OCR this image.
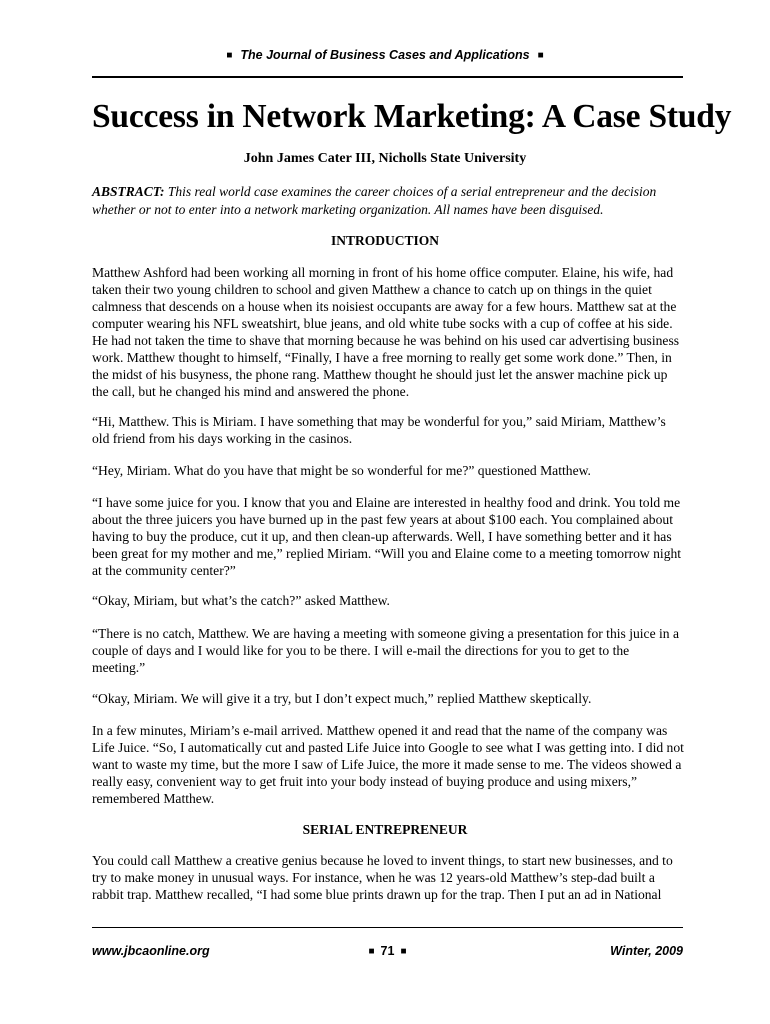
■ The Journal of Business Cases and Applications ■
Success in Network Marketing: A Case Study
John James Cater III, Nicholls State University
ABSTRACT: This real world case examines the career choices of a serial entrepreneur and the decision whether or not to enter into a network marketing organization. All names have been disguised.
INTRODUCTION
Matthew Ashford had been working all morning in front of his home office computer. Elaine, his wife, had taken their two young children to school and given Matthew a chance to catch up on things in the quiet calmness that descends on a house when its noisiest occupants are away for a few hours. Matthew sat at the computer wearing his NFL sweatshirt, blue jeans, and old white tube socks with a cup of coffee at his side. He had not taken the time to shave that morning because he was behind on his used car advertising business work. Matthew thought to himself, “Finally, I have a free morning to really get some work done.” Then, in the midst of his busyness, the phone rang. Matthew thought he should just let the answer machine pick up the call, but he changed his mind and answered the phone.
“Hi, Matthew. This is Miriam. I have something that may be wonderful for you,” said Miriam, Matthew’s old friend from his days working in the casinos.
“Hey, Miriam. What do you have that might be so wonderful for me?” questioned Matthew.
“I have some juice for you. I know that you and Elaine are interested in healthy food and drink. You told me about the three juicers you have burned up in the past few years at about $100 each. You complained about having to buy the produce, cut it up, and then clean-up afterwards. Well, I have something better and it has been great for my mother and me,” replied Miriam. “Will you and Elaine come to a meeting tomorrow night at the community center?”
“Okay, Miriam, but what’s the catch?” asked Matthew.
“There is no catch, Matthew. We are having a meeting with someone giving a presentation for this juice in a couple of days and I would like for you to be there. I will e-mail the directions for you to get to the meeting.”
“Okay, Miriam. We will give it a try, but I don’t expect much,” replied Matthew skeptically.
In a few minutes, Miriam’s e-mail arrived. Matthew opened it and read that the name of the company was Life Juice. “So, I automatically cut and pasted Life Juice into Google to see what I was getting into. I did not want to waste my time, but the more I saw of Life Juice, the more it made sense to me. The videos showed a really easy, convenient way to get fruit into your body instead of buying produce and using mixers,” remembered Matthew.
SERIAL ENTREPRENEUR
You could call Matthew a creative genius because he loved to invent things, to start new businesses, and to try to make money in unusual ways. For instance, when he was 12 years-old Matthew’s step-dad built a rabbit trap. Matthew recalled, “I had some blue prints drawn up for the trap. Then I put an ad in National
www.jbcaonline.org	■ 71 ■	Winter, 2009
